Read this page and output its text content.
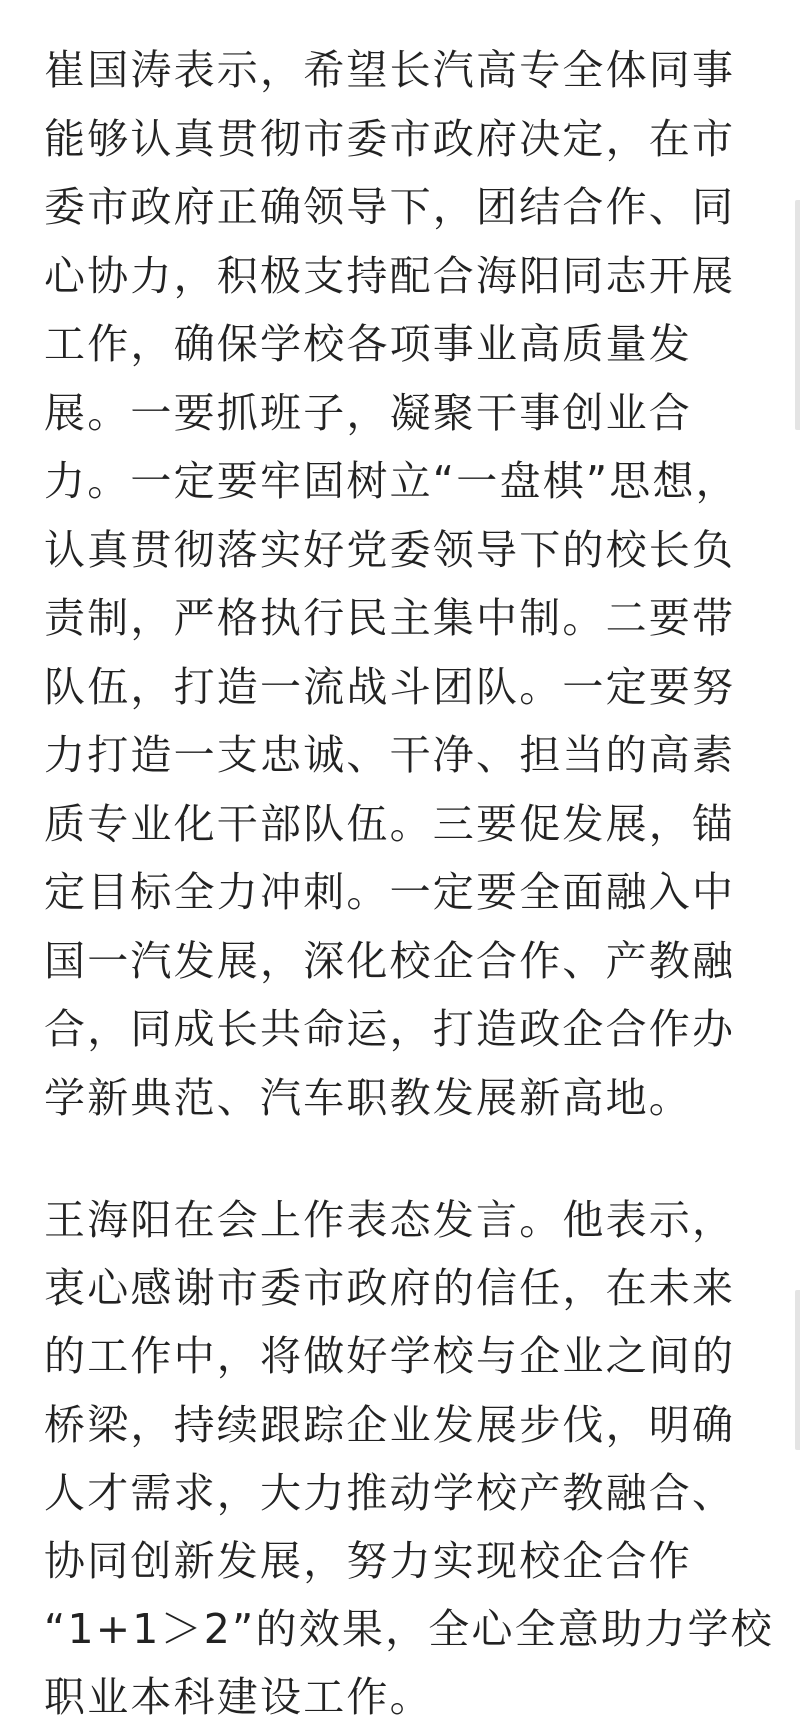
崔国涛表示，希望长汽高专全体同事
能够认真贯彻市委市政府决定，在市
委市政府正确领导下，团结合作、同
心协力，积极支持配合海阳同志开展
工作，确保学校各项事业高质量发
展。一要抓班子，凝聚干事创业合
力。一定要牢固树立“一盘棋”思想，
认真贯彻落实好党委领导下的校长负
责制，严格执行民主集中制。二要带
队伍，打造一流战斗团队。一定要努
力打造一支忠诚、干净、担当的高素
质专业化干部队伍。三要促发展，锚
定目标全力冲刺。一定要全面融入中
国一汽发展，深化校企合作、产教融
合，同成长共命运，打造政企合作办
学新典范、汽车职教发展新高地。
王海阳在会上作表态发言。他表示，
衷心感谢市委市政府的信任，在未来
的工作中，将做好学校与企业之间的
桥梁，持续跟踪企业发展步伐，明确
人才需求，大力推动学校产教融合、
协同创新发展，努力实现校企合作
“1+1＞2”的效果，全心全意助力学校
职业本科建设工作。
